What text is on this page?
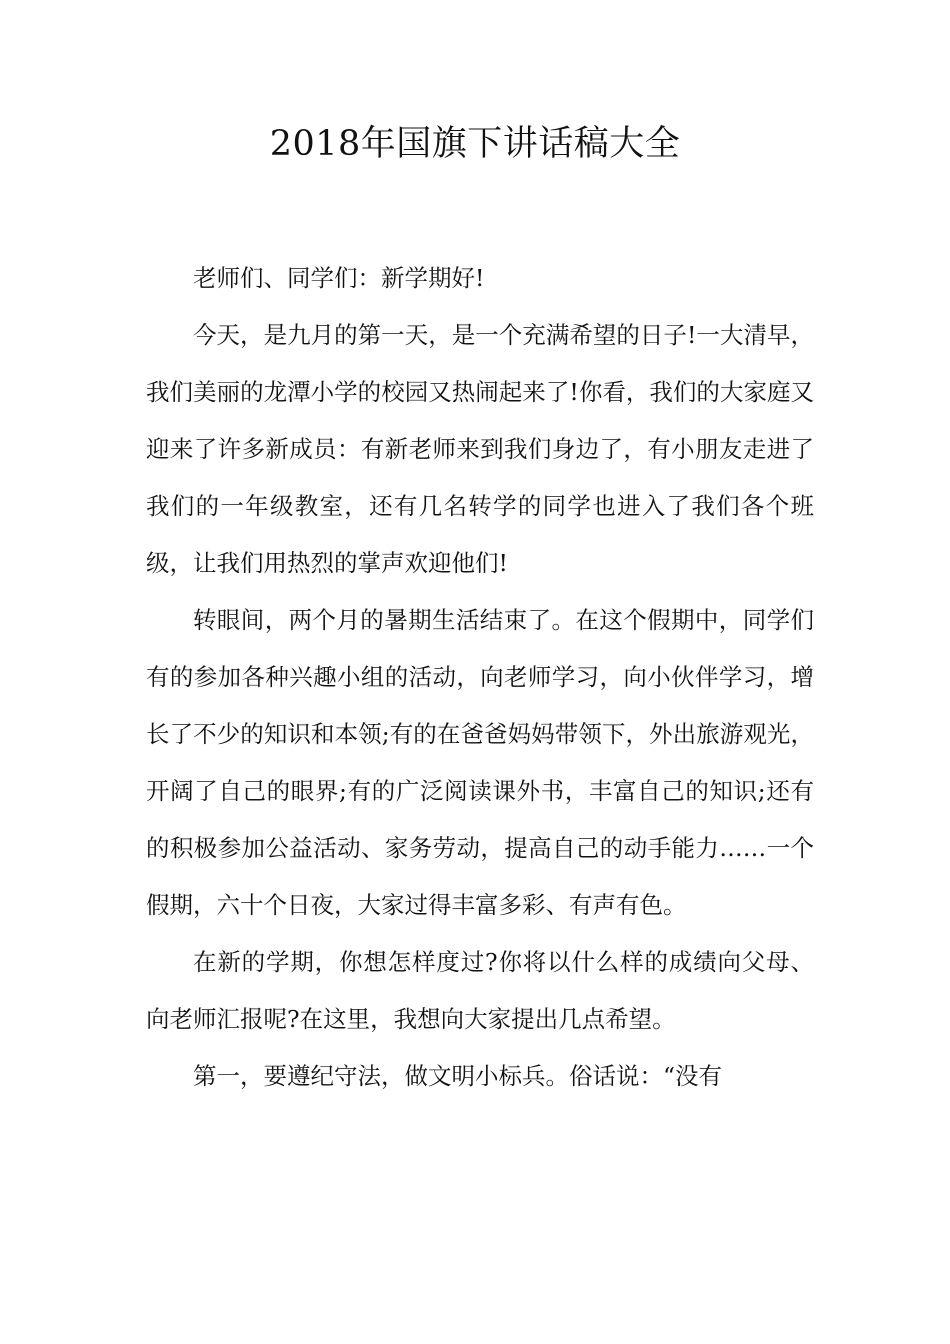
2018年国旗下讲话稿大全

老师们、同学们：新学期好!

今天，是九月的第一天，是一个充满希望的日子!一大清早，我们美丽的龙潭小学的校园又热闹起来了!你看，我们的大家庭又迎来了许多新成员：有新老师来到我们身边了，有小朋友走进了我们的一年级教室，还有几名转学的同学也进入了我们各个班级，让我们用热烈的掌声欢迎他们!

转眼间，两个月的暑期生活结束了。在这个假期中，同学们有的参加各种兴趣小组的活动，向老师学习，向小伙伴学习，增长了不少的知识和本领;有的在爸爸妈妈带领下，外出旅游观光，开阔了自己的眼界;有的广泛阅读课外书，丰富自己的知识;还有的积极参加公益活动、家务劳动，提高自己的动手能力……一个假期，六十个日夜，大家过得丰富多彩、有声有色。

在新的学期，你想怎样度过?你将以什么样的成绩向父母、向老师汇报呢?在这里，我想向大家提出几点希望。

第一，要遵纪守法，做文明小标兵。俗话说：“没有
